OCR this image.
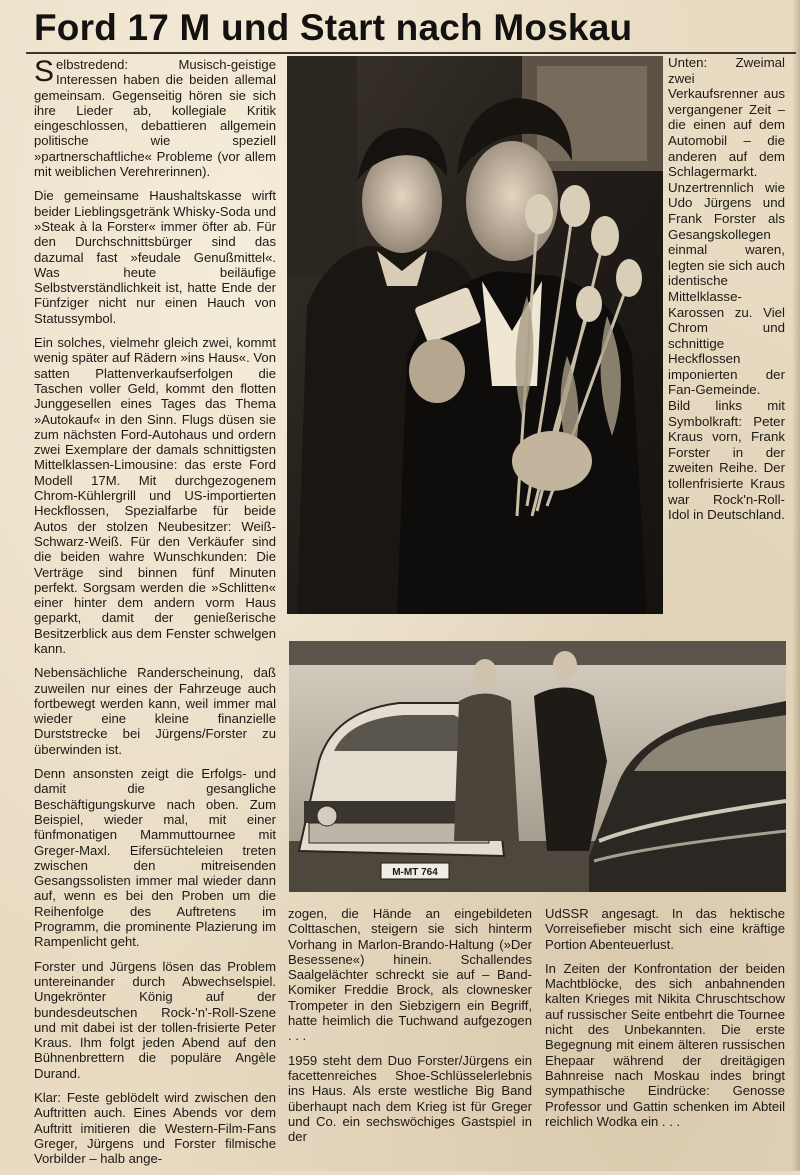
Ford 17 M und Start nach Moskau

Selbstredend: Musisch-geistige Interessen haben die beiden allemal gemeinsam. Gegenseitig hören sie sich ihre Lieder ab, kollegiale Kritik eingeschlossen, debattieren allgemein politische wie speziell »partnerschaftliche« Probleme (vor allem mit weiblichen Verehrerinnen).

Die gemeinsame Haushaltskasse wirft beider Lieblingsgetränk Whisky-Soda und »Steak à la Forster« immer öfter ab. Für den Durchschnittsbürger sind das dazumal fast »feudale Genußmittel«. Was heute beiläufige Selbstverständlichkeit ist, hatte Ende der Fünfziger nicht nur einen Hauch von Statussymbol.

Ein solches, vielmehr gleich zwei, kommt wenig später auf Rädern »ins Haus«. Von satten Plattenverkaufserfolgen die Taschen voller Geld, kommt den flotten Junggesellen eines Tages das Thema »Autokauf« in den Sinn. Flugs düsen sie zum nächsten Ford-Autohaus und ordern zwei Exemplare der damals schnittigsten Mittelklassen-Limousine: das erste Ford Modell 17M. Mit durchgezogenem Chrom-Kühlergrill und US-importierten Heckflossen, Spezialfarbe für beide Autos der stolzen Neubesitzer: Weiß-Schwarz-Weiß. Für den Verkäufer sind die beiden wahre Wunschkunden: Die Verträge sind binnen fünf Minuten perfekt. Sorgsam werden die »Schlitten« einer hinter dem andern vorm Haus geparkt, damit der genießerische Besitzerblick aus dem Fenster schwelgen kann.

Nebensächliche Randerscheinung, daß zuweilen nur eines der Fahrzeuge auch fortbewegt werden kann, weil immer mal wieder eine kleine finanzielle Durststrecke bei Jürgens/Forster zu überwinden ist.

Denn ansonsten zeigt die Erfolgs- und damit die gesangliche Beschäftigungskurve nach oben. Zum Beispiel, wieder mal, mit einer fünfmonatigen Mammuttournee mit Greger-Maxl. Eifersüchteleien treten zwischen den mitreisenden Gesangssolisten immer mal wieder dann auf, wenn es bei den Proben um die Reihenfolge des Auftretens im Programm, die prominente Plazierung im Rampenlicht geht.

Forster und Jürgens lösen das Problem untereinander durch Abwechselspiel. Ungekrönter König auf der bundesdeutschen Rock-'n'-Roll-Szene und mit dabei ist der tollen-frisierte Peter Kraus. Ihm folgt jeden Abend auf den Bühnenbrettern die populäre Angèle Durand.

Klar: Feste geblödelt wird zwischen den Auftritten auch. Eines Abends vor dem Auftritt imitieren die Western-Film-Fans Greger, Jürgens und Forster filmische Vorbilder – halb ange-

Unten: Zweimal zwei Verkaufsrenner aus vergangener Zeit – die einen auf dem Automobil – die anderen auf dem Schlagermarkt. Unzertrennlich wie Udo Jürgens und Frank Forster als Gesangskollegen einmal waren, legten sie sich auch identische Mittelklasse-Karossen zu. Viel Chrom und schnittige Heckflossen imponierten der Fan-Gemeinde. Bild links mit Symbolkraft: Peter Kraus vorn, Frank Forster in der zweiten Reihe. Der tollenfrisierte Kraus war Rock'n-Roll-Idol in Deutschland.
M-MT 764

zogen, die Hände an eingebildeten Colttaschen, steigern sie sich hinterm Vorhang in Marlon-Brando-Haltung (»Der Besessene«) hinein. Schallendes Saalgelächter schreckt sie auf – Band-Komiker Freddie Brock, als clownesker Trompeter in den Siebzigern ein Begriff, hatte heimlich die Tuchwand aufgezogen . . .

1959 steht dem Duo Forster/Jürgens ein facettenreiches Shoe-Schlüsselerlebnis ins Haus. Als erste westliche Big Band überhaupt nach dem Krieg ist für Greger und Co. ein sechswöchiges Gastspiel in der

UdSSR angesagt. In das hektische Vorreisefieber mischt sich eine kräftige Portion Abenteuerlust.

In Zeiten der Konfrontation der beiden Machtblöcke, des sich anbahnenden kalten Krieges mit Nikita Chruschtschow auf russischer Seite entbehrt die Tournee nicht des Unbekannten. Die erste Begegnung mit einem älteren russischen Ehepaar während der dreitägigen Bahnreise nach Moskau indes bringt sympathische Eindrücke: Genosse Professor und Gattin schenken im Abteil reichlich Wodka ein . . .
